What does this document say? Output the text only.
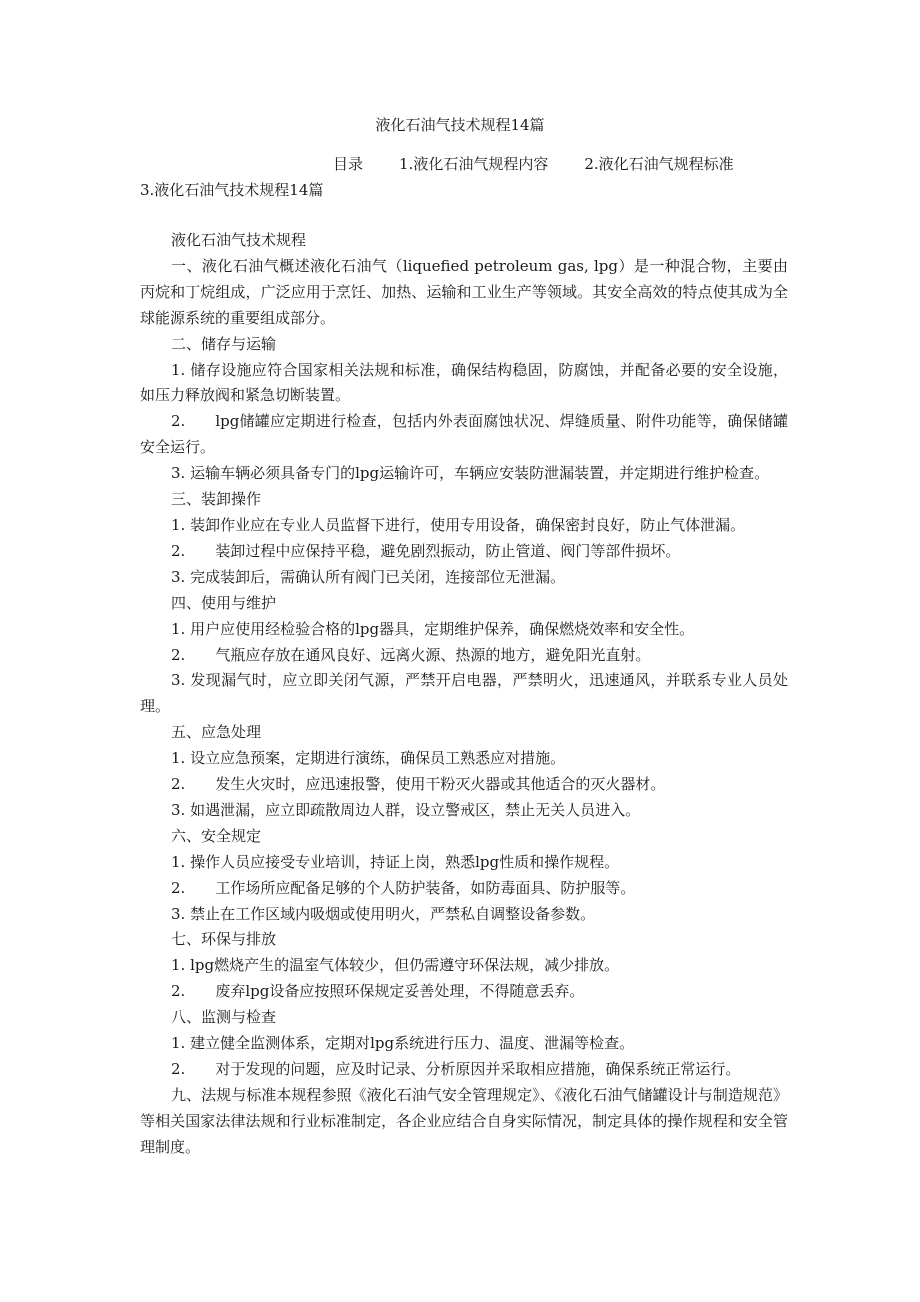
液化石油气技术规程14篇
目录 1.液化石油气规程内容 2.液化石油气规程标准
3.液化石油气技术规程14篇

液化石油气技术规程

一、液化石油气概述液化石油气（liquefied petroleum gas, lpg）是一种混合物，主要由丙烷和丁烷组成，广泛应用于烹饪、加热、运输和工业生产等领域。其安全高效的特点使其成为全球能源系统的重要组成部分。

二、储存与运输

1. 储存设施应符合国家相关法规和标准，确保结构稳固，防腐蚀，并配备必要的安全设施，如压力释放阀和紧急切断装置。

2. lpg储罐应定期进行检查，包括内外表面腐蚀状况、焊缝质量、附件功能等，确保储罐安全运行。

3. 运输车辆必须具备专门的lpg运输许可，车辆应安装防泄漏装置，并定期进行维护检查。

三、装卸操作

1. 装卸作业应在专业人员监督下进行，使用专用设备，确保密封良好，防止气体泄漏。

2. 装卸过程中应保持平稳，避免剧烈振动，防止管道、阀门等部件损坏。

3. 完成装卸后，需确认所有阀门已关闭，连接部位无泄漏。

四、使用与维护

1. 用户应使用经检验合格的lpg器具，定期维护保养，确保燃烧效率和安全性。

2. 气瓶应存放在通风良好、远离火源、热源的地方，避免阳光直射。

3. 发现漏气时，应立即关闭气源，严禁开启电器，严禁明火，迅速通风，并联系专业人员处理。

五、应急处理

1. 设立应急预案，定期进行演练，确保员工熟悉应对措施。

2. 发生火灾时，应迅速报警，使用干粉灭火器或其他适合的灭火器材。

3. 如遇泄漏，应立即疏散周边人群，设立警戒区，禁止无关人员进入。

六、安全规定

1. 操作人员应接受专业培训，持证上岗，熟悉lpg性质和操作规程。

2. 工作场所应配备足够的个人防护装备，如防毒面具、防护服等。

3. 禁止在工作区域内吸烟或使用明火，严禁私自调整设备参数。

七、环保与排放

1. lpg燃烧产生的温室气体较少，但仍需遵守环保法规，减少排放。

2. 废弃lpg设备应按照环保规定妥善处理，不得随意丢弃。

八、监测与检查

1. 建立健全监测体系，定期对lpg系统进行压力、温度、泄漏等检查。

2. 对于发现的问题，应及时记录、分析原因并采取相应措施，确保系统正常运行。

九、法规与标准本规程参照《液化石油气安全管理规定》、《液化石油气储罐设计与制造规范》等相关国家法律法规和行业标准制定，各企业应结合自身实际情况，制定具体的操作规程和安全管理制度。
